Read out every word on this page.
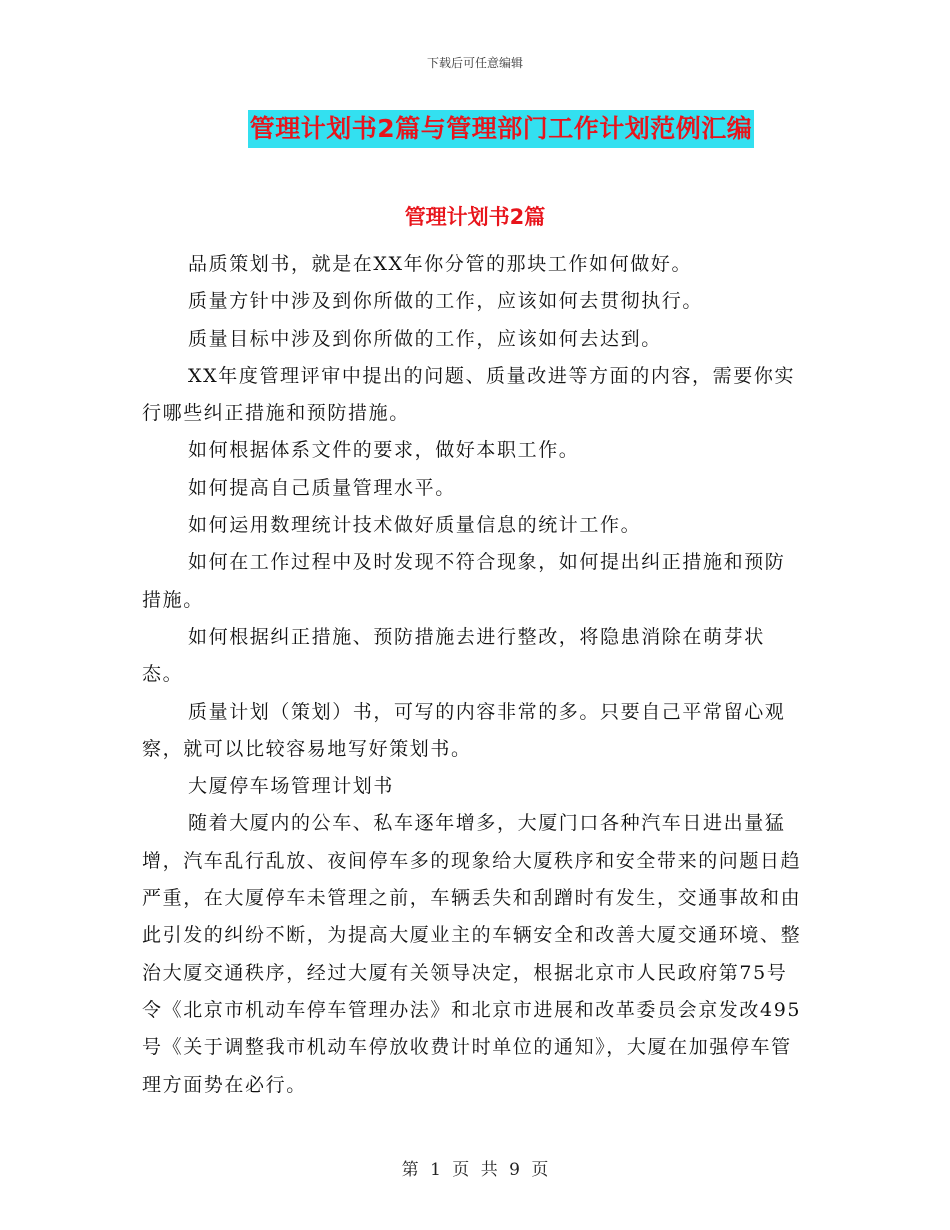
下载后可任意编辑
管理计划书2篇与管理部门工作计划范例汇编
管理计划书2篇

品质策划书，就是在XX年你分管的那块工作如何做好。

质量方针中涉及到你所做的工作，应该如何去贯彻执行。

质量目标中涉及到你所做的工作，应该如何去达到。

XX年度管理评审中提出的问题、质量改进等方面的内容，需要你实行哪些纠正措施和预防措施。

如何根据体系文件的要求，做好本职工作。

如何提高自己质量管理水平。

如何运用数理统计技术做好质量信息的统计工作。

如何在工作过程中及时发现不符合现象，如何提出纠正措施和预防措施。

如何根据纠正措施、预防措施去进行整改，将隐患消除在萌芽状态。

质量计划（策划）书，可写的内容非常的多。只要自己平常留心观察，就可以比较容易地写好策划书。

大厦停车场管理计划书

随着大厦内的公车、私车逐年增多，大厦门口各种汽车日进出量猛增，汽车乱行乱放、夜间停车多的现象给大厦秩序和安全带来的问题日趋严重，在大厦停车未管理之前，车辆丢失和刮蹭时有发生，交通事故和由此引发的纠纷不断，为提高大厦业主的车辆安全和改善大厦交通环境、整治大厦交通秩序，经过大厦有关领导决定，根据北京市人民政府第75号令《北京市机动车停车管理办法》和北京市进展和改革委员会京发改495号《关于调整我市机动车停放收费计时单位的通知》，大厦在加强停车管理方面势在必行。

第 1 页 共 9 页
